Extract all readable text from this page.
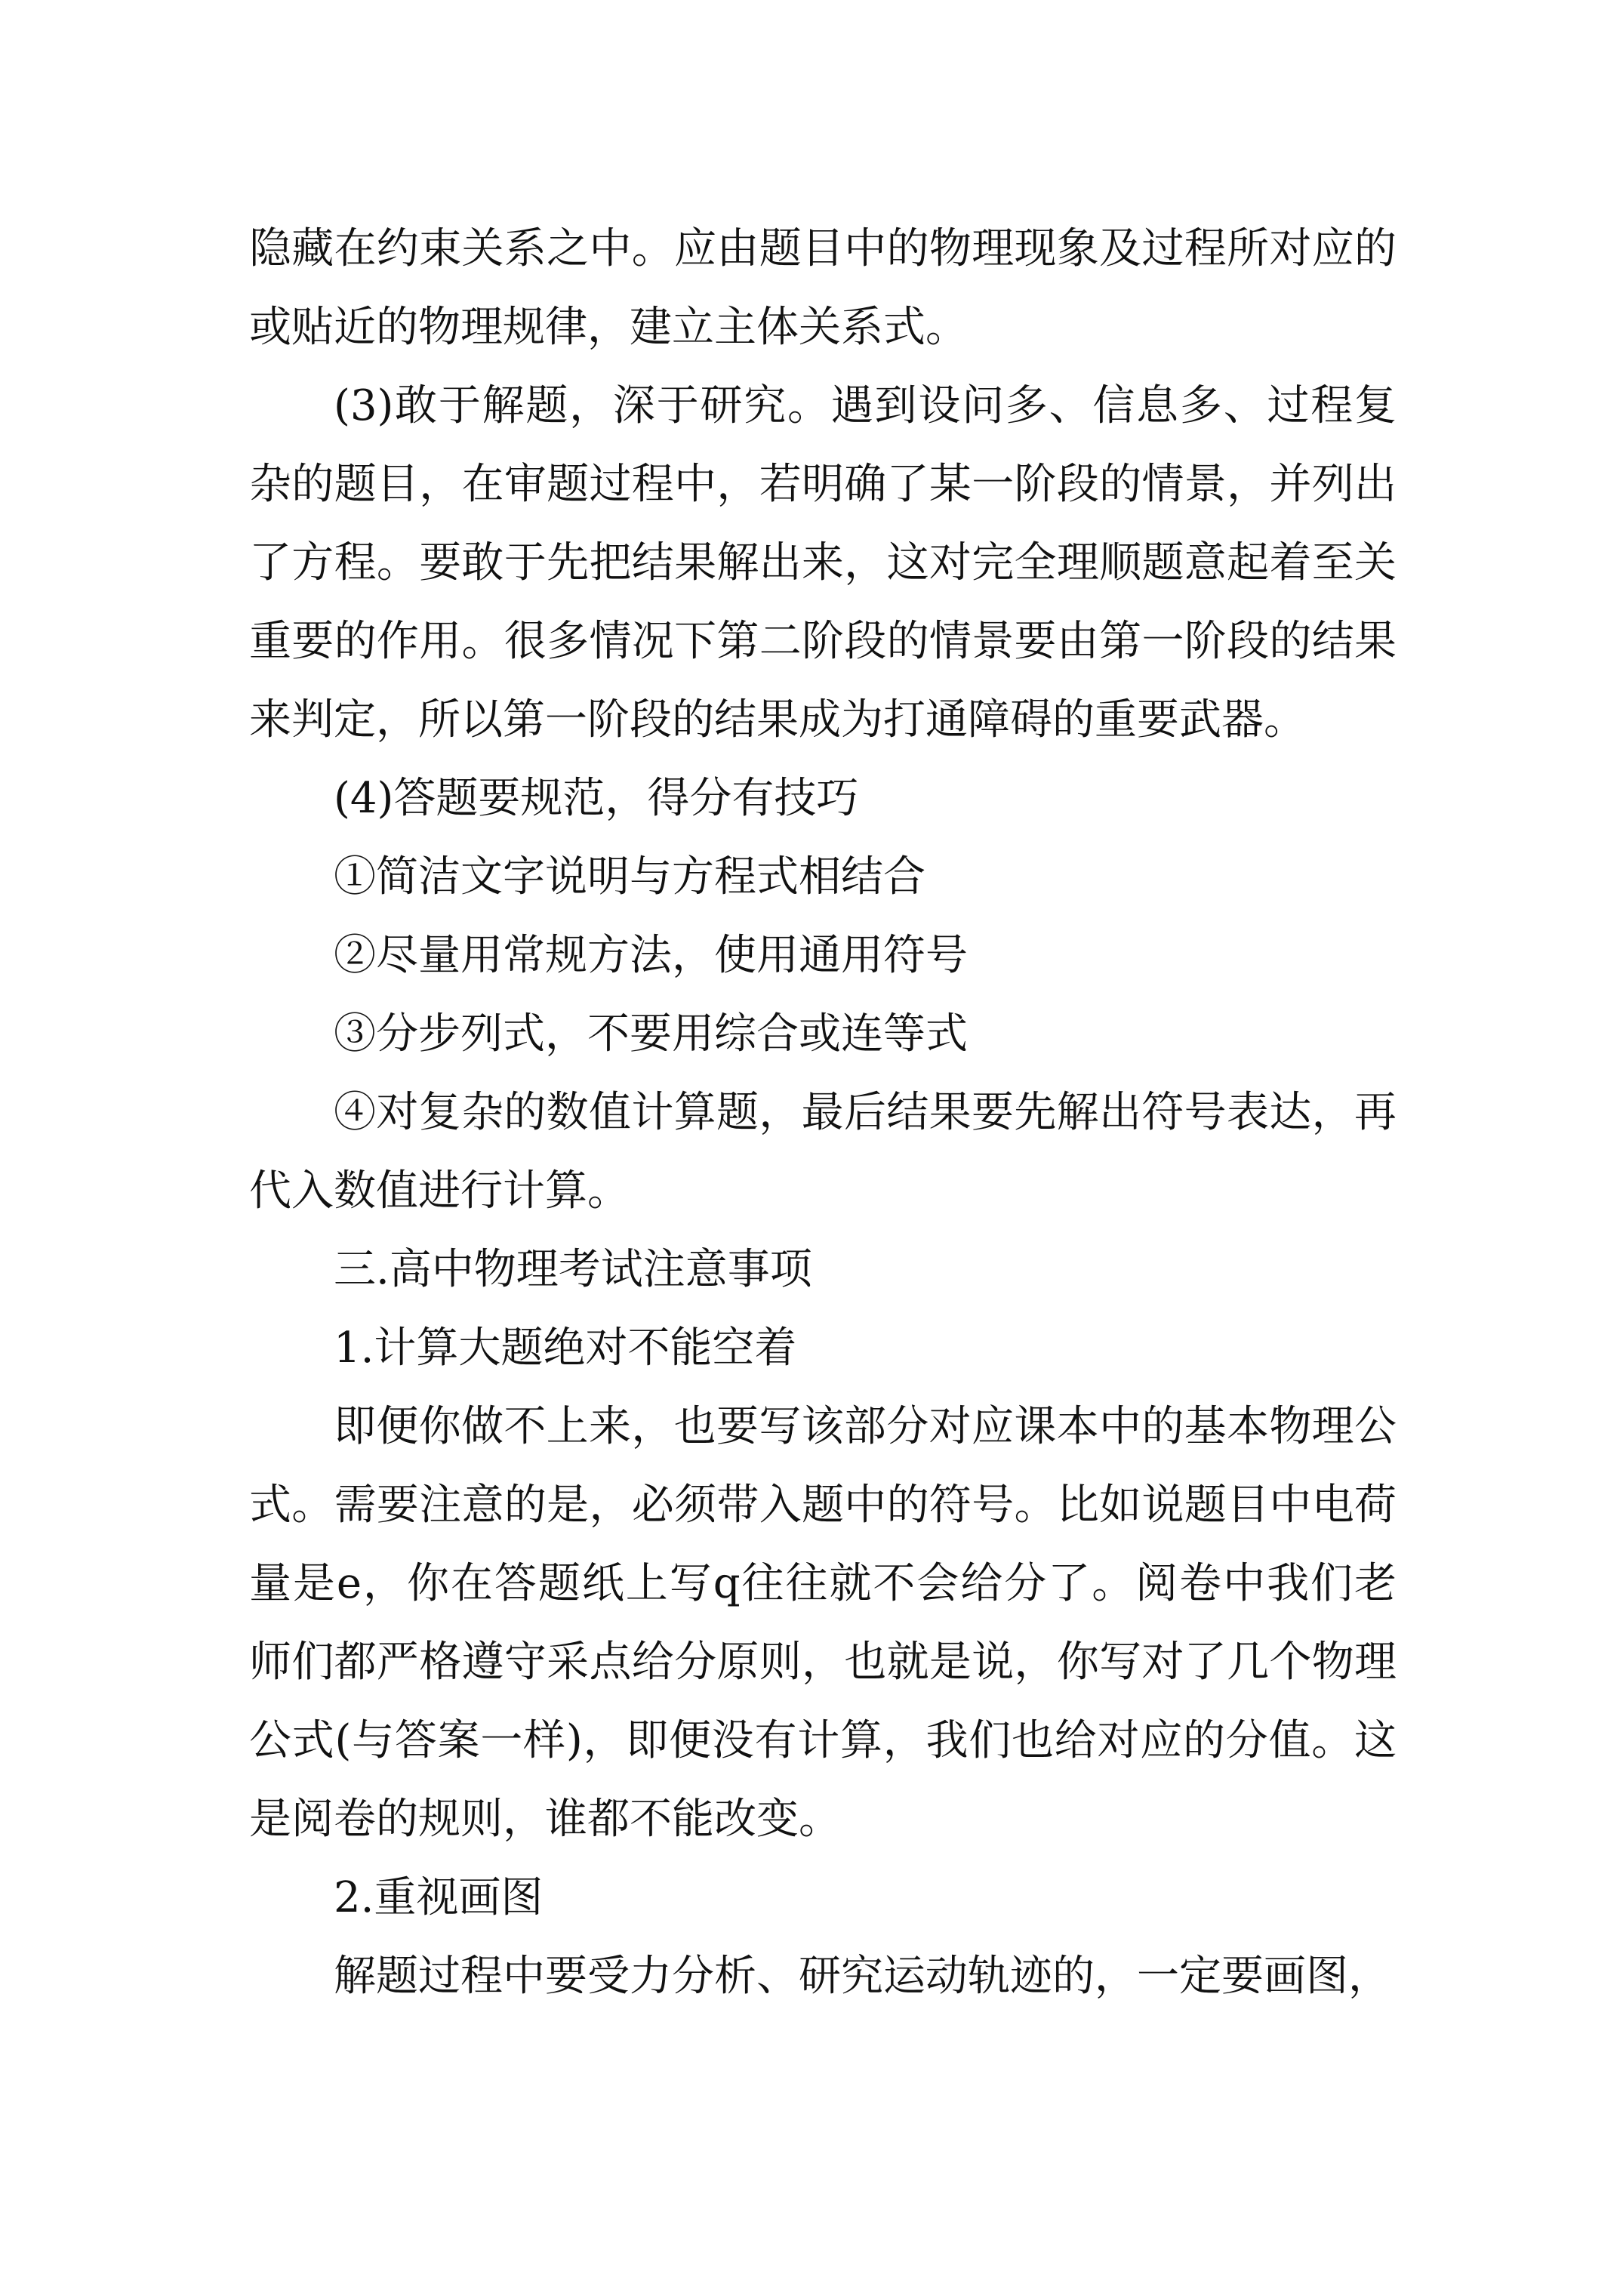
隐藏在约束关系之中。应由题目中的物理现象及过程所对应的或贴近的物理规律，建立主体关系式。

(3)敢于解题，深于研究。遇到设问多、信息多、过程复杂的题目，在审题过程中，若明确了某一阶段的情景，并列出了方程。要敢于先把结果解出来，这对完全理顺题意起着至关重要的作用。很多情况下第二阶段的情景要由第一阶段的结果来判定，所以第一阶段的结果成为打通障碍的重要武器。

(4)答题要规范，得分有技巧

①简洁文字说明与方程式相结合

②尽量用常规方法，使用通用符号

③分步列式，不要用综合或连等式

④对复杂的数值计算题，最后结果要先解出符号表达，再代入数值进行计算。

三.高中物理考试注意事项

1.计算大题绝对不能空着

即便你做不上来，也要写该部分对应课本中的基本物理公式。需要注意的是，必须带入题中的符号。比如说题目中电荷量是e，你在答题纸上写q往往就不会给分了。阅卷中我们老师们都严格遵守采点给分原则，也就是说，你写对了几个物理公式(与答案一样)，即便没有计算，我们也给对应的分值。这是阅卷的规则，谁都不能改变。

2.重视画图

解题过程中要受力分析、研究运动轨迹的，一定要画图，
